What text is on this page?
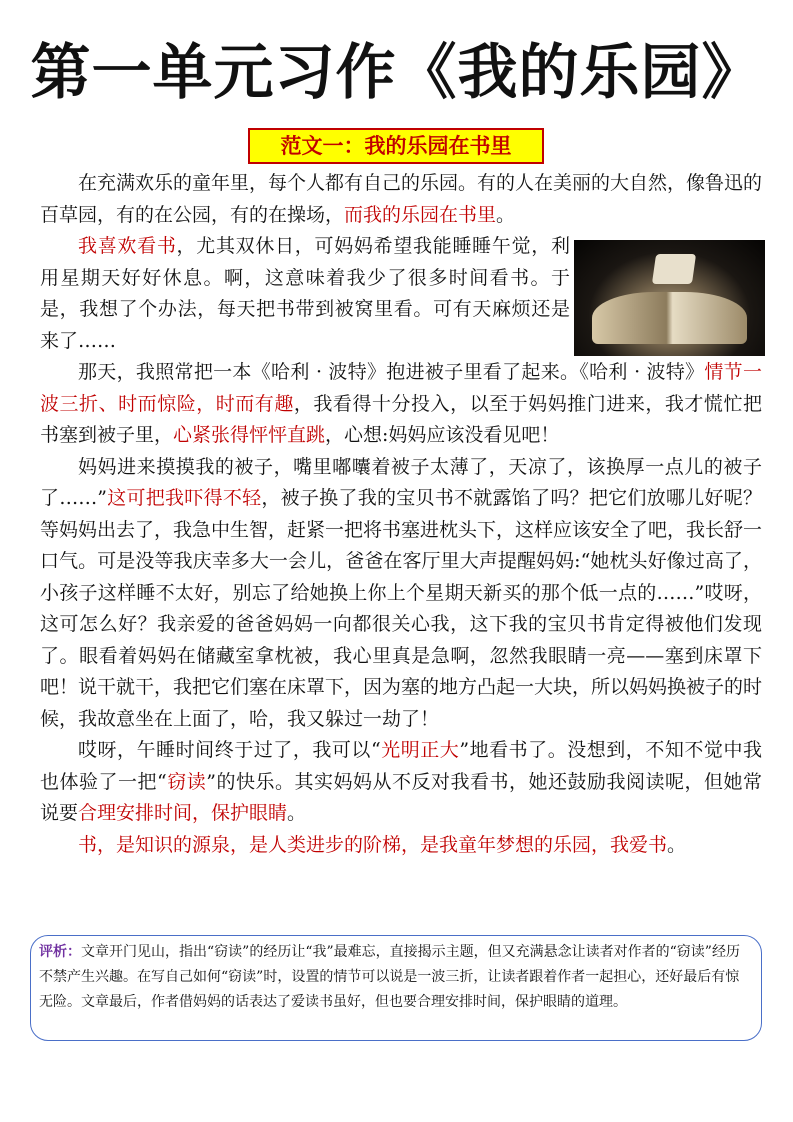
第一单元习作《我的乐园》
范文一：我的乐园在书里

在充满欢乐的童年里，每个人都有自己的乐园。有的人在美丽的大自然，像鲁迅的百草园，有的在公园，有的在操场，而我的乐园在书里。

我喜欢看书，尤其双休日，可妈妈希望我能睡睡午觉，利用星期天好好休息。啊，这意味着我少了很多时间看书。于是，我想了个办法，每天把书带到被窝里看。可有天麻烦还是来了……

那天，我照常把一本《哈利 · 波特》抱进被子里看了起来。《哈利 · 波特》情节一波三折、时而惊险，时而有趣，我看得十分投入，以至于妈妈推门进来，我才慌忙把书塞到被子里，心紧张得怦怦直跳，心想:妈妈应该没看见吧！

妈妈进来摸摸我的被子，嘴里嘟囔着被子太薄了，天凉了，该换厚一点儿的被子了……”这可把我吓得不轻，被子换了我的宝贝书不就露馅了吗？把它们放哪儿好呢？等妈妈出去了，我急中生智，赶紧一把将书塞进枕头下，这样应该安全了吧，我长舒一口气。可是没等我庆幸多大一会儿，爸爸在客厅里大声提醒妈妈:“她枕头好像过高了，小孩子这样睡不太好，别忘了给她换上你上个星期天新买的那个低一点的……”哎呀，这可怎么好？我亲爱的爸爸妈妈一向都很关心我，这下我的宝贝书肯定得被他们发现了。眼看着妈妈在储藏室拿枕被，我心里真是急啊，忽然我眼睛一亮——塞到床罩下吧！说干就干，我把它们塞在床罩下，因为塞的地方凸起一大块，所以妈妈换被子的时候，我故意坐在上面了，哈，我又躲过一劫了！

哎呀，午睡时间终于过了，我可以“光明正大”地看书了。没想到，不知不觉中我也体验了一把“窃读”的快乐。其实妈妈从不反对我看书，她还鼓励我阅读呢，但她常说要合理安排时间，保护眼睛。

书，是知识的源泉，是人类进步的阶梯，是我童年梦想的乐园，我爱书。

评析：文章开门见山，指出“窃读”的经历让“我”最难忘，直接揭示主题，但又充满悬念让读者对作者的“窃读”经历不禁产生兴趣。在写自己如何“窃读”时，设置的情节可以说是一波三折，让读者跟着作者一起担心，还好最后有惊无险。文章最后，作者借妈妈的话表达了爱读书虽好，但也要合理安排时间，保护眼睛的道理。
